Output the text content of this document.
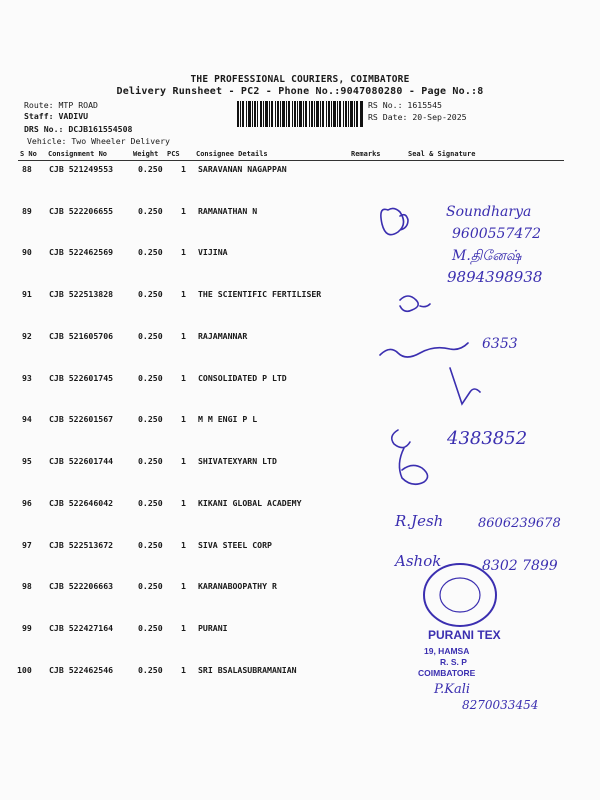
THE PROFESSIONAL COURIERS, COIMBATORE
Delivery Runsheet - PC2 - Phone No.:9047080280 - Page No.:8
Route: MTP ROAD
Staff: VADIVU
DRS No.: DCJB161554508
Vehicle: Two Wheeler Delivery
RS No.: 1615545
RS Date: 20-Sep-2025
S No Consignment No	Weight PCS Consignee Details	Remarks	Seal & Signature
88 CJB 521249553	0.250 1 SARAVANAN NAGAPPAN
89 CJB 522206655	0.250 1 RAMANATHAN N
90 CJB 522462569	0.250 1 VIJINA
91 CJB 522513828	0.250 1 THE SCIENTIFIC FERTILISER
92 CJB 521605706	0.250 1 RAJAMANNAR
93 CJB 522601745	0.250 1 CONSOLIDATED P LTD
94 CJB 522601567	0.250 1 M M ENGI P L
95 CJB 522601744	0.250 1 SHIVATEXYARN LTD
96 CJB 522646042	0.250 1 KIKANI GLOBAL ACADEMY
97 CJB 522513672	0.250 1 SIVA STEEL CORP
98 CJB 522206663	0.250 1 KARANABOOPATHY R
99 CJB 522427164	0.250 1 PURANI
100 CJB 522462546	0.250 1 SRI BSALASUBRAMANIAN
Soundharya
9600557472
M.தினேஷ்
9894398938
6353
4383852
R.Jesh	8606239678
Ashok	8302 7899
P.Kali
8270033454
PURANI TEX
19, HAMSA
R. S. P
COIMBATORE
